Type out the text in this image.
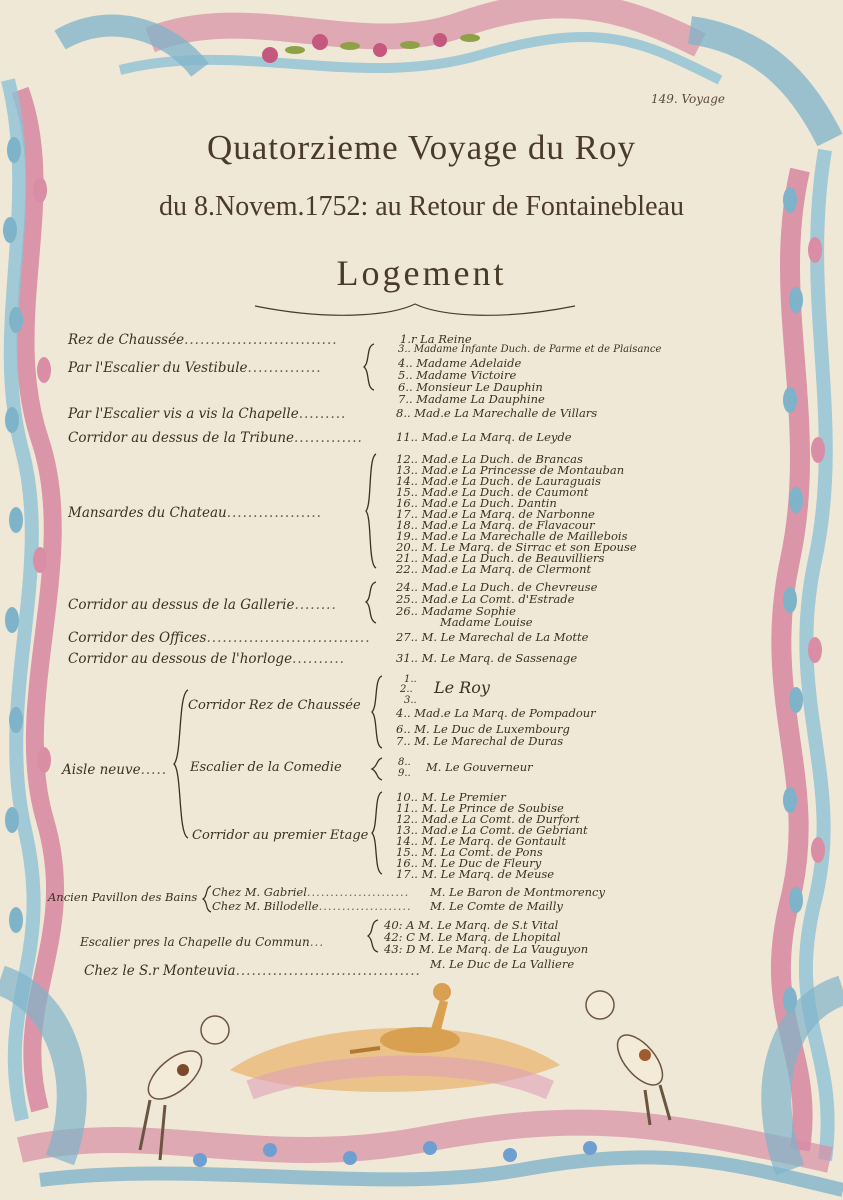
149. Voyage
Quatorzieme Voyage du Roy
du 8.Novem.1752: au Retour de Fontainebleau
Logement
Rez de Chaussée.............................
Par l'Escalier du Vestibule..............
Par l'Escalier vis a vis la Chapelle.........
Corridor au dessus de la Tribune.............
Mansardes du Chateau..................
Corridor au dessus de la Gallerie........
Corridor des Offices...............................
Corridor au dessous de l'horloge..........
Aisle neuve.....
Corridor Rez de Chaussée
Escalier de la Comedie
Corridor au premier Etage
Ancien Pavillon des Bains Chez M. Gabriel......................
Chez M. Billodelle....................
Escalier pres la Chapelle du Commun...
Chez le S.r Monteuvia...................................
1.r La Reine
3.. Madame Infante Duch. de Parme et de Plaisance
4.. Madame Adelaide
5.. Madame Victoire
6.. Monsieur Le Dauphin
7.. Madame La Dauphine
8.. Mad.e La Marechalle de Villars
11.. Mad.e La Marq. de Leyde
12.. Mad.e La Duch. de Brancas
13.. Mad.e La Princesse de Montauban
14.. Mad.e La Duch. de Lauraguais
15.. Mad.e La Duch. de Caumont
16.. Mad.e La Duch. Dantin
17.. Mad.e La Marq. de Narbonne
18.. Mad.e La Marq. de Flavacour
19.. Mad.e La Marechalle de Maillebois
20.. M. Le Marq. de Sirrac et son Epouse
21.. Mad.e La Duch. de Beauvilliers
22.. Mad.e La Marq. de Clermont
24.. Mad.e La Duch. de Chevreuse
25.. Mad.e La Comt. d'Estrade
26.. Madame Sophie
Madame Louise
27.. M. Le Marechal de La Motte
31.. M. Le Marq. de Sassenage
1..
2..
3..
Le Roy
4.. Mad.e La Marq. de Pompadour
6.. M. Le Duc de Luxembourg
7.. M. Le Marechal de Duras
8..
9.. M. Le Gouverneur
10.. M. Le Premier
11.. M. Le Prince de Soubise
12.. Mad.e La Comt. de Durfort
13.. Mad.e La Comt. de Gebriant
14.. M. Le Marq. de Gontault
15.. M. La Comt. de Pons
16.. M. Le Duc de Fleury
17.. M. Le Marq. de Meuse
M. Le Baron de Montmorency
M. Le Comte de Mailly
40: A M. Le Marq. de S.t Vital
42: C M. Le Marq. de Lhopital
43: D M. Le Marq. de La Vauguyon
M. Le Duc de La Valliere
